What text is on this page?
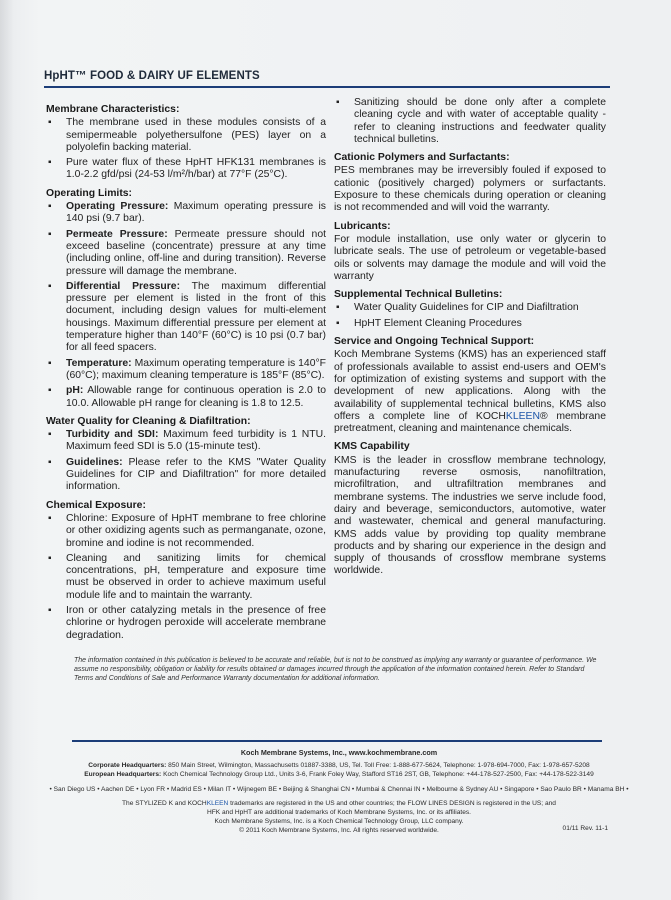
HpHT™ FOOD & DAIRY UF ELEMENTS
Membrane Characteristics:
▪ The membrane used in these modules consists of a semipermeable polyethersulfone (PES) layer on a polyolefin backing material.
▪ Pure water flux of these HpHT HFK131 membranes is 1.0-2.2 gfd/psi (24-53 l/m²/h/bar) at 77°F (25°C).
Operating Limits:
▪ Operating Pressure: Maximum operating pressure is 140 psi (9.7 bar).
▪ Permeate Pressure: Permeate pressure should not exceed baseline (concentrate) pressure at any time (including online, off-line and during transition). Reverse pressure will damage the membrane.
▪ Differential Pressure: The maximum differential pressure per element is listed in the front of this document, including design values for multi-element housings. Maximum differential pressure per element at temperature higher than 140°F (60°C) is 10 psi (0.7 bar) for all feed spacers.
▪ Temperature: Maximum operating temperature is 140°F (60°C); maximum cleaning temperature is 185°F (85°C).
▪ pH: Allowable range for continuous operation is 2.0 to 10.0. Allowable pH range for cleaning is 1.8 to 12.5.
Water Quality for Cleaning & Diafiltration:
▪ Turbidity and SDI: Maximum feed turbidity is 1 NTU. Maximum feed SDI is 5.0 (15-minute test).
▪ Guidelines: Please refer to the KMS "Water Quality Guidelines for CIP and Diafiltration" for more detailed information.
Chemical Exposure:
▪ Chlorine: Exposure of HpHT membrane to free chlorine or other oxidizing agents such as permanganate, ozone, bromine and iodine is not recommended.
▪ Cleaning and sanitizing limits for chemical concentrations, pH, temperature and exposure time must be observed in order to achieve maximum useful module life and to maintain the warranty.
▪ Iron or other catalyzing metals in the presence of free chlorine or hydrogen peroxide will accelerate membrane degradation.
▪ Sanitizing should be done only after a complete cleaning cycle and with water of acceptable quality - refer to cleaning instructions and feedwater quality technical bulletins.
Cationic Polymers and Surfactants:

PES membranes may be irreversibly fouled if exposed to cationic (positively charged) polymers or surfactants. Exposure to these chemicals during operation or cleaning is not recommended and will void the warranty.

Lubricants:

For module installation, use only water or glycerin to lubricate seals. The use of petroleum or vegetable-based oils or solvents may damage the module and will void the warranty

Supplemental Technical Bulletins:
▪ Water Quality Guidelines for CIP and Diafiltration
▪ HpHT Element Cleaning Procedures
Service and Ongoing Technical Support:

Koch Membrane Systems (KMS) has an experienced staff of professionals available to assist end-users and OEM's for optimization of existing systems and support with the development of new applications. Along with the availability of supplemental technical bulletins, KMS also offers a complete line of KOCHKLEEN® membrane pretreatment, cleaning and maintenance chemicals.

KMS Capability

KMS is the leader in crossflow membrane technology, manufacturing reverse osmosis, nanofiltration, microfiltration, and ultrafiltration membranes and membrane systems. The industries we serve include food, dairy and beverage, semiconductors, automotive, water and wastewater, chemical and general manufacturing. KMS adds value by providing top quality membrane products and by sharing our experience in the design and supply of thousands of crossflow membrane systems worldwide.

The information contained in this publication is believed to be accurate and reliable, but is not to be construed as implying any warranty or guarantee of performance. We assume no responsibility, obligation or liability for results obtained or damages incurred through the application of the information contained herein. Refer to Standard Terms and Conditions of Sale and Performance Warranty documentation for additional information.
Koch Membrane Systems, Inc., www.kochmembrane.com
Corporate Headquarters: 850 Main Street, Wilmington, Massachusetts 01887-3388, US, Tel. Toll Free: 1-888-677-5624, Telephone: 1-978-694-7000, Fax: 1-978-657-5208
European Headquarters: Koch Chemical Technology Group Ltd., Units 3-6, Frank Foley Way, Stafford ST16 2ST, GB, Telephone: +44-178-527-2500, Fax: +44-178-522-3149
• San Diego US • Aachen DE • Lyon FR • Madrid ES • Milan IT • Wijnegem BE • Beijing & Shanghai CN • Mumbai & Chennai IN • Melbourne & Sydney AU • Singapore • Sao Paulo BR • Manama BH •
The STYLIZED K and KOCHKLEEN trademarks are registered in the US and other countries; the FLOW LINES DESIGN is registered in the US; and
HFK and HpHT are additional trademarks of Koch Membrane Systems, Inc. or its affiliates.
Koch Membrane Systems, Inc. is a Koch Chemical Technology Group, LLC company.
© 2011 Koch Membrane Systems, Inc. All rights reserved worldwide.	01/11 Rev. 11-1
